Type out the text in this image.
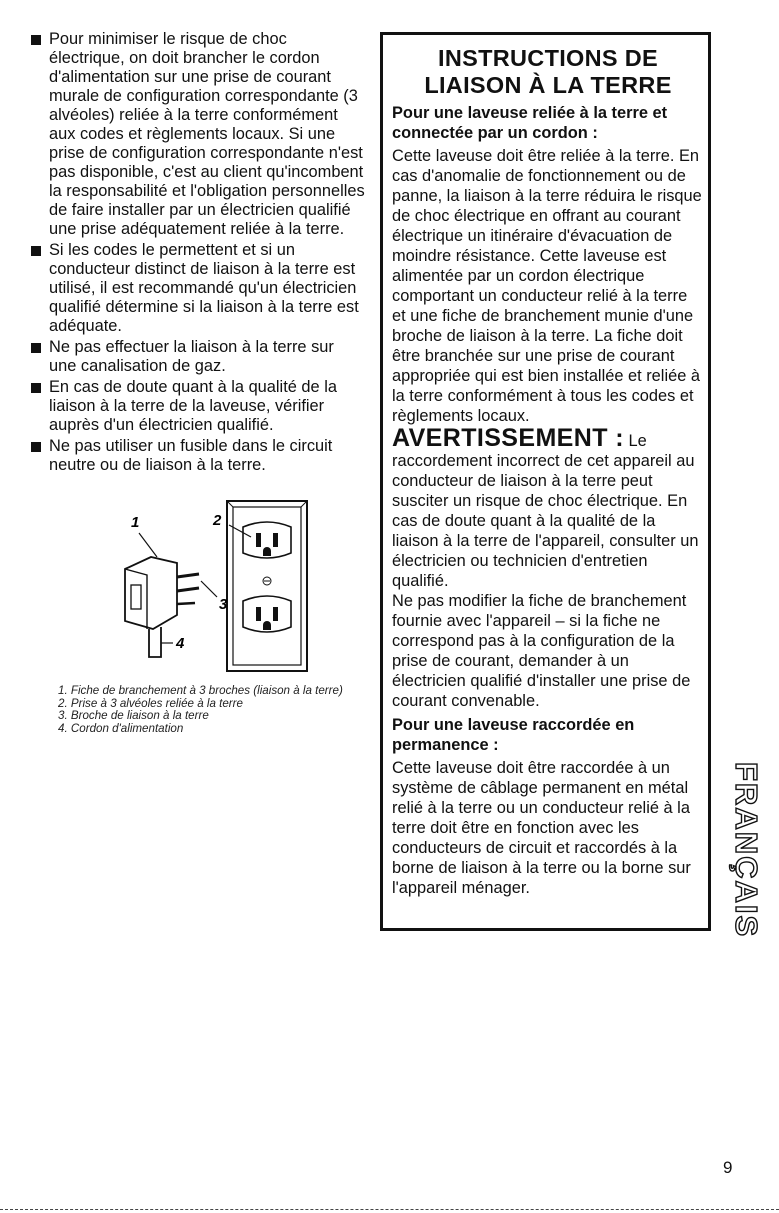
Pour minimiser le risque de choc électrique, on doit brancher le cordon d'alimentation sur une prise de courant murale de configuration correspondante (3 alvéoles) reliée à la terre conformément aux codes et règlements locaux. Si une prise de configuration correspondante n'est pas disponible, c'est au client qu'incombent la responsabilité et l'obligation personnelles de faire installer par un électricien qualifié une prise adéquatement reliée à la terre.
Si les codes le permettent et si un conducteur distinct de liaison à la terre est utilisé, il est recommandé qu'un électricien qualifié détermine si la liaison à la terre est adéquate.
Ne pas effectuer la liaison à la terre sur une canalisation de gaz.
En cas de doute quant à la qualité de la liaison à la terre de la laveuse, vérifier auprès d'un électricien qualifié.
Ne pas utiliser un fusible dans le circuit neutre ou de liaison à la terre.
1	2
3
4
1. Fiche de branchement à 3 broches (liaison à la terre)
2. Prise à 3 alvéoles reliée à la terre
3. Broche de liaison à la terre
4. Cordon d'alimentation
INSTRUCTIONS DE
LIAISON À LA TERRE
Pour une laveuse reliée à la terre et connectée par un cordon :

Cette laveuse doit être reliée à la terre. En cas d'anomalie de fonctionnement ou de panne, la liaison à la terre réduira le risque de choc électrique en offrant au courant électrique un itinéraire d'évacuation de moindre résistance. Cette laveuse est alimentée par un cordon électrique comportant un conducteur relié à la terre et une fiche de branchement munie d'une broche de liaison à la terre. La fiche doit être branchée sur une prise de courant appropriée qui est bien installée et reliée à la terre conformément à tous les codes et règlements locaux.

AVERTISSEMENT : Le raccordement incorrect de cet appareil au conducteur de liaison à la terre peut susciter un risque de choc électrique. En cas de doute quant à la qualité de la liaison à la terre de l'appareil, consulter un électricien ou technicien d'entretien qualifié.

Ne pas modifier la fiche de branchement fournie avec l'appareil – si la fiche ne correspond pas à la configuration de la prise de courant, demander à un électricien qualifié d'installer une prise de courant convenable.

Pour une laveuse raccordée en permanence :

Cette laveuse doit être raccordée à un système de câblage permanent en métal relié à la terre ou un conducteur relié à la terre doit être en fonction avec les conducteurs de circuit et raccordés à la borne de liaison à la terre ou la borne sur l'appareil ménager.	FRANÇAIS
9
